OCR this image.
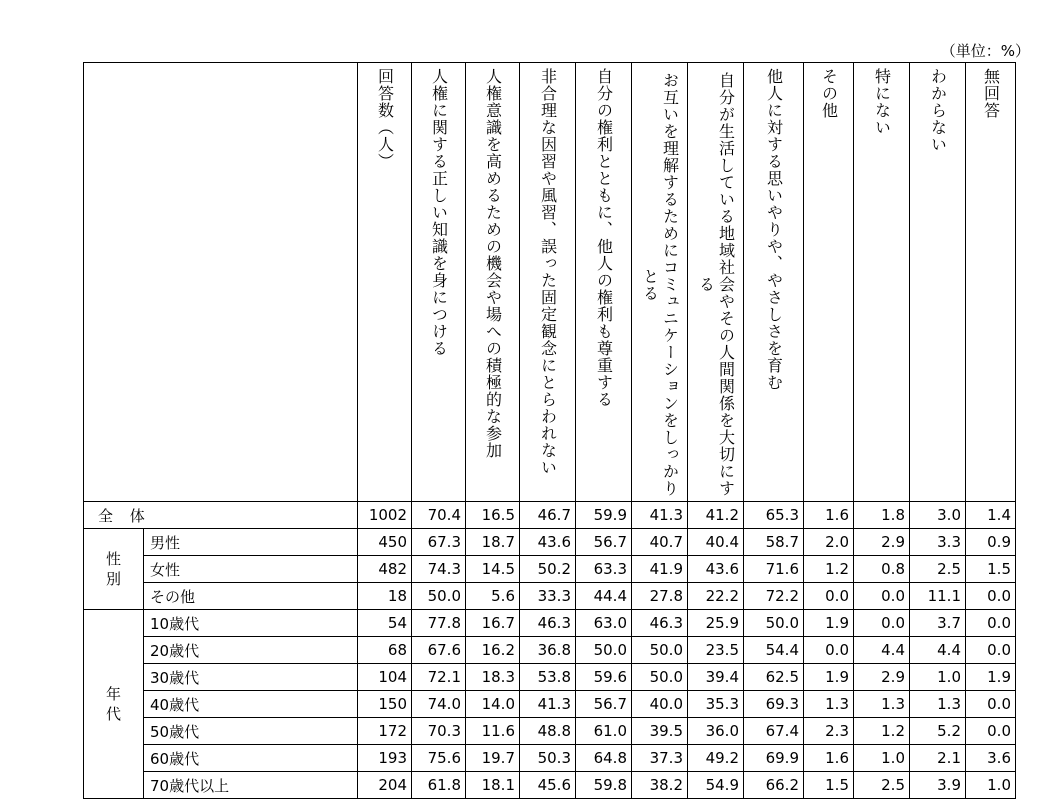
（単位：%）

		回答数（人）	人権に関する正しい知識を身につける	人権意識を高めるための機会や場への積極的な参加	非合理な因習や風習、誤った固定観念にとらわれない	自分の権利とともに、他人の権利も尊重する	お互いを理解するためにコミュニケーションをしっかりとる	自分が生活している地域社会やその人間関係を大切にする	他人に対する思いやりや、やさしさを育む	その他	特にない	わからない	無回答

全 体		1002	70.4	16.5	46.7	59.9	41.3	41.2	65.3	1.6	1.8	3.0	1.4
性別	男性	450	67.3	18.7	43.6	56.7	40.7	40.4	58.7	2.0	2.9	3.3	0.9
	女性	482	74.3	14.5	50.2	63.3	41.9	43.6	71.6	1.2	0.8	2.5	1.5
	その他	18	50.0	5.6	33.3	44.4	27.8	22.2	72.2	0.0	0.0	11.1	0.0
年代	10歳代	54	77.8	16.7	46.3	63.0	46.3	25.9	50.0	1.9	0.0	3.7	0.0
	20歳代	68	67.6	16.2	36.8	50.0	50.0	23.5	54.4	0.0	4.4	4.4	0.0
	30歳代	104	72.1	18.3	53.8	59.6	50.0	39.4	62.5	1.9	2.9	1.0	1.9
	40歳代	150	74.0	14.0	41.3	56.7	40.0	35.3	69.3	1.3	1.3	1.3	0.0
	50歳代	172	70.3	11.6	48.8	61.0	39.5	36.0	67.4	2.3	1.2	5.2	0.0
	60歳代	193	75.6	19.7	50.3	64.8	37.3	49.2	69.9	1.6	1.0	2.1	3.6
	70歳代以上	204	61.8	18.1	45.6	59.8	38.2	54.9	66.2	1.5	2.5	3.9	1.0
